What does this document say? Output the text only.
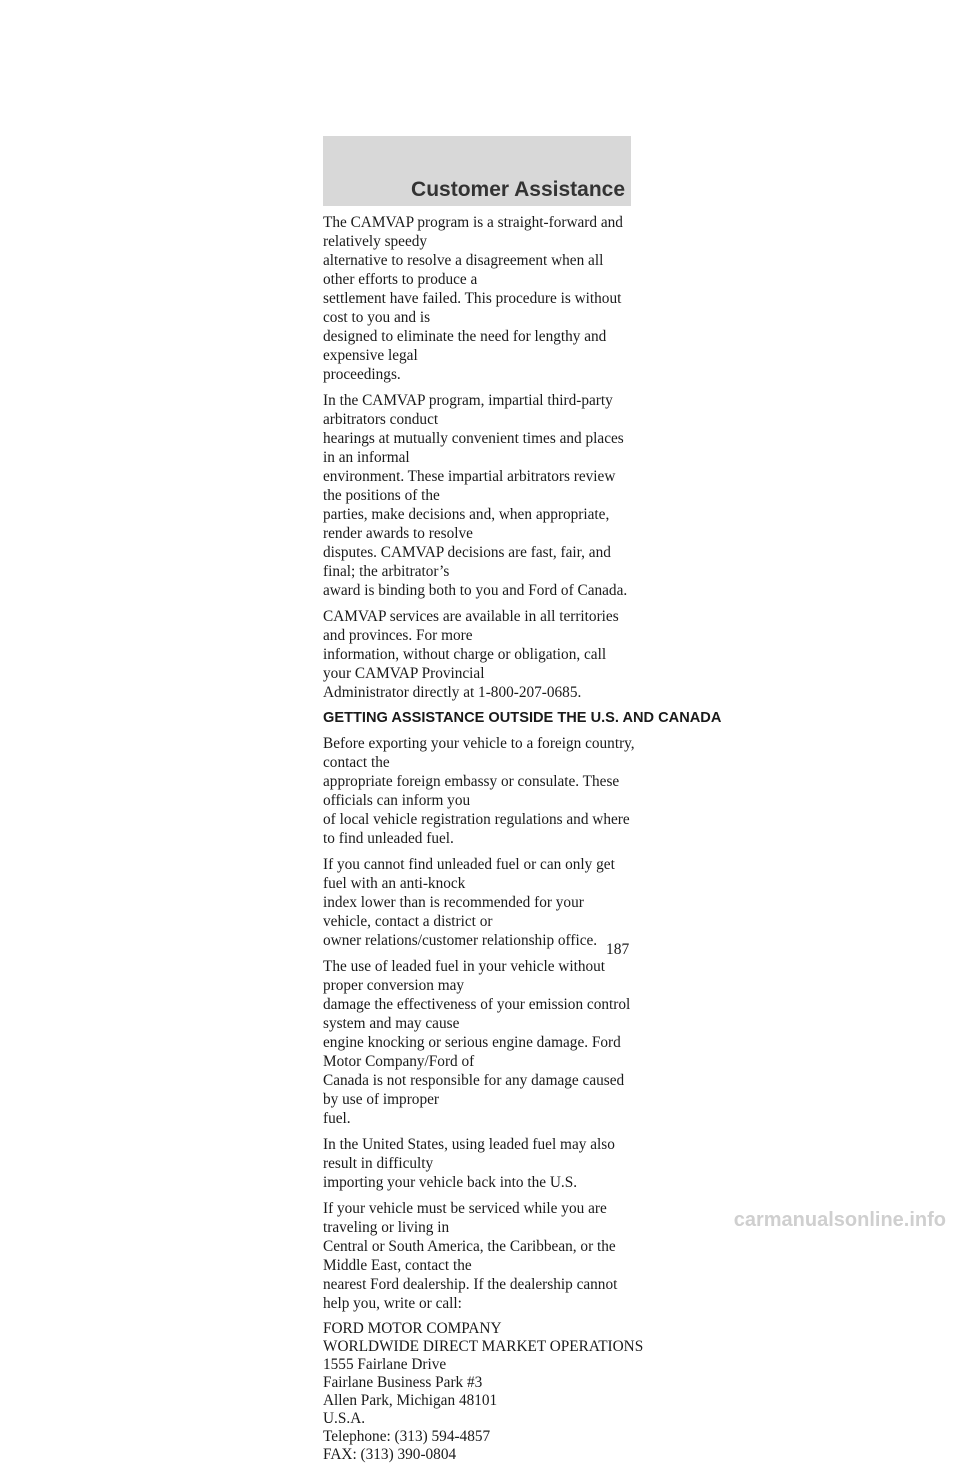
Customer Assistance

The CAMVAP program is a straight-forward and relatively speedy
alternative to resolve a disagreement when all other efforts to produce a
settlement have failed. This procedure is without cost to you and is
designed to eliminate the need for lengthy and expensive legal
proceedings.

In the CAMVAP program, impartial third-party arbitrators conduct
hearings at mutually convenient times and places in an informal
environment. These impartial arbitrators review the positions of the
parties, make decisions and, when appropriate, render awards to resolve
disputes. CAMVAP decisions are fast, fair, and final; the arbitrator’s
award is binding both to you and Ford of Canada.

CAMVAP services are available in all territories and provinces. For more
information, without charge or obligation, call your CAMVAP Provincial
Administrator directly at 1-800-207-0685.

GETTING ASSISTANCE OUTSIDE THE U.S. AND CANADA

Before exporting your vehicle to a foreign country, contact the
appropriate foreign embassy or consulate. These officials can inform you
of local vehicle registration regulations and where to find unleaded fuel.

If you cannot find unleaded fuel or can only get fuel with an anti-knock
index lower than is recommended for your vehicle, contact a district or
owner relations/customer relationship office.

The use of leaded fuel in your vehicle without proper conversion may
damage the effectiveness of your emission control system and may cause
engine knocking or serious engine damage. Ford Motor Company/Ford of
Canada is not responsible for any damage caused by use of improper
fuel.

In the United States, using leaded fuel may also result in difficulty
importing your vehicle back into the U.S.

If your vehicle must be serviced while you are traveling or living in
Central or South America, the Caribbean, or the Middle East, contact the
nearest Ford dealership. If the dealership cannot help you, write or call:

FORD MOTOR COMPANY
WORLDWIDE DIRECT MARKET OPERATIONS
1555 Fairlane Drive
Fairlane Business Park #3
Allen Park, Michigan 48101
U.S.A.
Telephone: (313) 594-4857
FAX: (313) 390-0804
187
carmanualsonline.info
